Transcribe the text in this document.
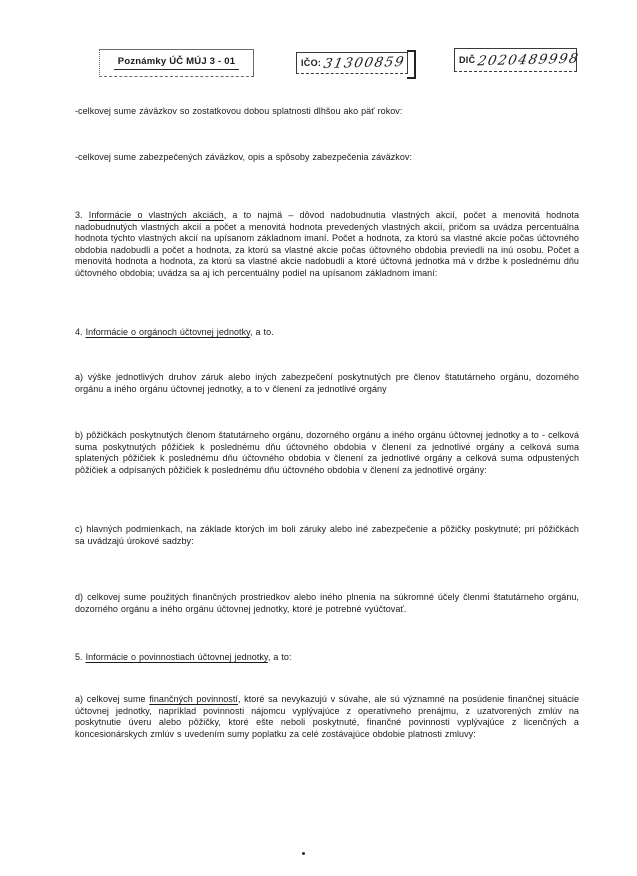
Poznámky ÚČ MÚJ 3 - 01	IČO: 31300859	DIČ 2020489998
-celkovej sume záväzkov so zostatkovou dobou splatnosti dlhšou ako päť rokov:
-celkovej sume zabezpečených záväzkov, opis a spôsoby zabezpečenia záväzkov:
3. Informácie o vlastných akciách, a to najmä – dôvod nadobudnutia vlastných akcií, počet a menovitá hodnota nadobudnutých vlastných akcií a počet a menovitá hodnota prevedených vlastných akcií, pričom sa uvádza percentuálna hodnota týchto vlastných akcií na upísanom základnom imaní. Počet a hodnota, za ktorú sa vlastné akcie počas účtovného obdobia nadobudli a počet a hodnota, za ktorú sa vlastné akcie počas účtovného obdobia previedli na inú osobu. Počet a menovitá hodnota a hodnota, za ktorú sa vlastné akcie nadobudli a ktoré účtovná jednotka má v držbe k poslednému dňu účtovného obdobia; uvádza sa aj ich percentuálny podiel na upísanom základnom imaní:
4. Informácie o orgánoch účtovnej jednotky, a to.
a) výške jednotlivých druhov záruk alebo iných zabezpečení poskytnutých pre členov štatutárneho orgánu, dozorného orgánu a iného orgánu účtovnej jednotky, a to v členení za jednotlivé orgány
b) pôžičkách poskytnutých členom štatutárneho orgánu, dozorného orgánu a iného orgánu účtovnej jednotky a to - celková suma poskytnutých pôžičiek k poslednému dňu účtovného obdobia v členení za jednotlivé orgány a celková suma splatených pôžičiek k poslednému dňu účtovného obdobia v členení za jednotlivé orgány a celková suma odpustených pôžičiek a odpísaných pôžičiek k poslednému dňu účtovného obdobia v členení za jednotlivé orgány:
c) hlavných podmienkach, na základe ktorých im boli záruky alebo iné zabezpečenie a pôžičky poskytnuté; pri pôžičkách sa uvádzajú úrokové sadzby:
d) celkovej sume použitých finančných prostriedkov alebo iného plnenia na súkromné účely členmi štatutárneho orgánu, dozorného orgánu a iného orgánu účtovnej jednotky, ktoré je potrebné vyúčtovať.
5. Informácie o povinnostiach účtovnej jednotky, a to:
a) celkovej sume finančných povinností, ktoré sa nevykazujú v súvahe, ale sú významné na posúdenie finančnej situácie účtovnej jednotky, napríklad povinnosti nájomcu vyplývajúce z operatívneho prenájmu, z uzatvorených zmlúv na poskytnutie úveru alebo pôžičky, ktoré ešte neboli poskytnuté, finančné povinnosti vyplývajúce z licenčných a koncesionárskych zmlúv s uvedením sumy poplatku za celé zostávajúce obdobie platnosti zmluvy:
